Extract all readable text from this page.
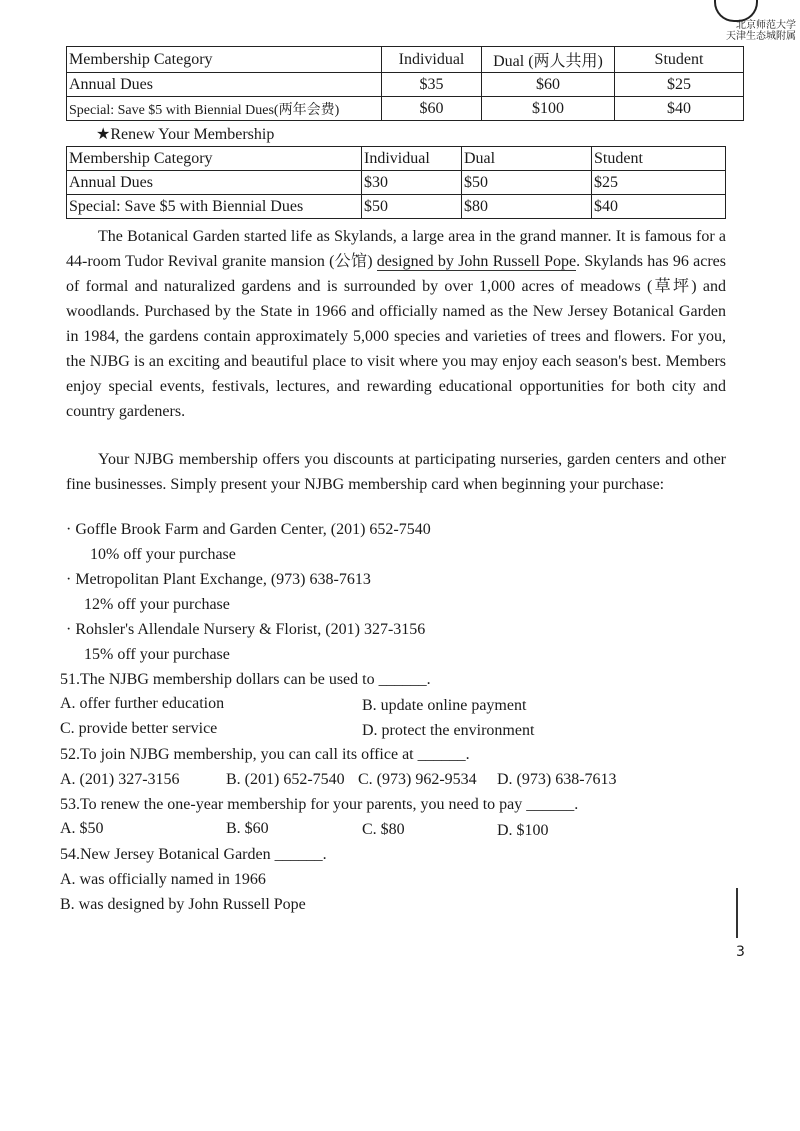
北京师范大学
天津生态城附属
Membership Category	Individual	Dual (两人共用)	Student
Annual Dues	$35	$60	$25
Special: Save $5 with Biennial Dues(两年会费)	$60	$100	$40
★Renew Your Membership
Membership Category	Individual	Dual	Student
Annual Dues	$30	$50	$25
Special: Save $5 with Biennial Dues	$50	$80	$40

The Botanical Garden started life as Skylands, a large area in the grand manner. It is famous for a 44-room Tudor Revival granite mansion (公馆) designed by John Russell Pope. Skylands has 96 acres of formal and naturalized gardens and is surrounded by over 1,000 acres of meadows (草坪) and woodlands. Purchased by the State in 1966 and officially named as the New Jersey Botanical Garden in 1984, the gardens contain approximately 5,000 species and varieties of trees and flowers. For you, the NJBG is an exciting and beautiful place to visit where you may enjoy each season's best. Members enjoy special events, festivals, lectures, and rewarding educational opportunities for both city and country gardeners.

Your NJBG membership offers you discounts at participating nurseries, garden centers and other fine businesses. Simply present your NJBG membership card when beginning your purchase:

· Goffle Brook Farm and Garden Center, (201) 652-7540
10% off your purchase
· Metropolitan Plant Exchange, (973) 638-7613
12% off your purchase
· Rohsler's Allendale Nursery & Florist, (201) 327-3156
15% off your purchase
51.The NJBG membership dollars can be used to ______.
A. offer further education	B. update online payment
C. provide better service	D. protect the environment
52.To join NJBG membership, you can call its office at ______.
A. (201) 327-3156	B. (201) 652-7540 C. (973) 962-9534 D. (973) 638-7613
53.To renew the one-year membership for your parents, you need to pay ______.
A. $50	B. $60	C. $80	D. $100
54.New Jersey Botanical Garden ______.
A. was officially named in 1966
B. was designed by John Russell Pope
3
